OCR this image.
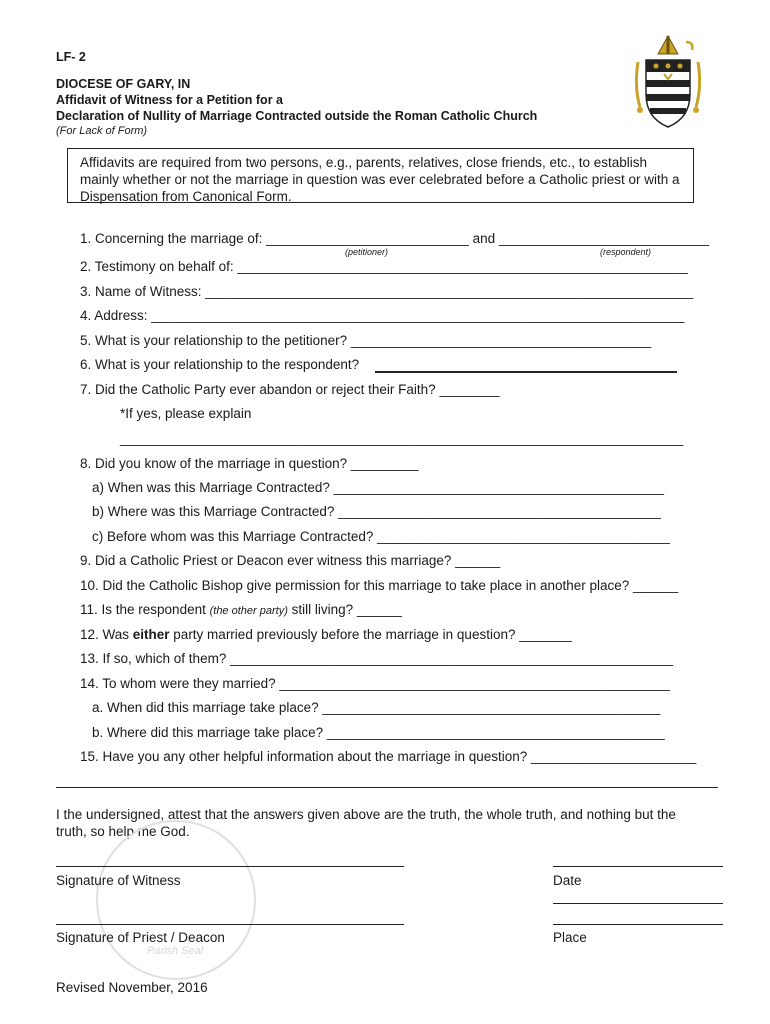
LF- 2
DIOCESE OF GARY, IN
Affidavit of Witness for a Petition for a
Declaration of Nullity of Marriage Contracted outside the Roman Catholic Church
(For Lack of Form)
Affidavits are required from two persons, e.g., parents, relatives, close friends, etc., to establish mainly whether or not the marriage in question was ever celebrated before a Catholic priest or with a Dispensation from Canonical Form.
1. Concerning the marriage of: ___________________________ and ____________________________
(petitioner)	(respondent)
2. Testimony on behalf of: ____________________________________________________________
3. Name of Witness: _________________________________________________________________
4. Address: _______________________________________________________________________
5. What is your relationship to the petitioner? ________________________________________
6. What is your relationship to the respondent?
7. Did the Catholic Party ever abandon or reject their Faith? ________
*If yes, please explain
___________________________________________________________________________
8. Did you know of the marriage in question? _________
a) When was this Marriage Contracted? ____________________________________________
b) Where was this Marriage Contracted? ___________________________________________
c) Before whom was this Marriage Contracted? _______________________________________
9. Did a Catholic Priest or Deacon ever witness this marriage? ______
10. Did the Catholic Bishop give permission for this marriage to take place in another place? ______
11. Is the respondent (the other party) still living? ______
12. Was either party married previously before the marriage in question? _______
13. If so, which of them? ___________________________________________________________
14. To whom were they married? ____________________________________________________
a. When did this marriage take place? _____________________________________________
b. Where did this marriage take place? _____________________________________________
15. Have you any other helpful information about the marriage in question? ______________________
I the undersigned, attest that the answers given above are the truth, the whole truth, and nothing but the
truth, so help me God.
Parish Seal
Signature of Witness	Date
Signature of Priest / Deacon	Place
Revised November, 2016
